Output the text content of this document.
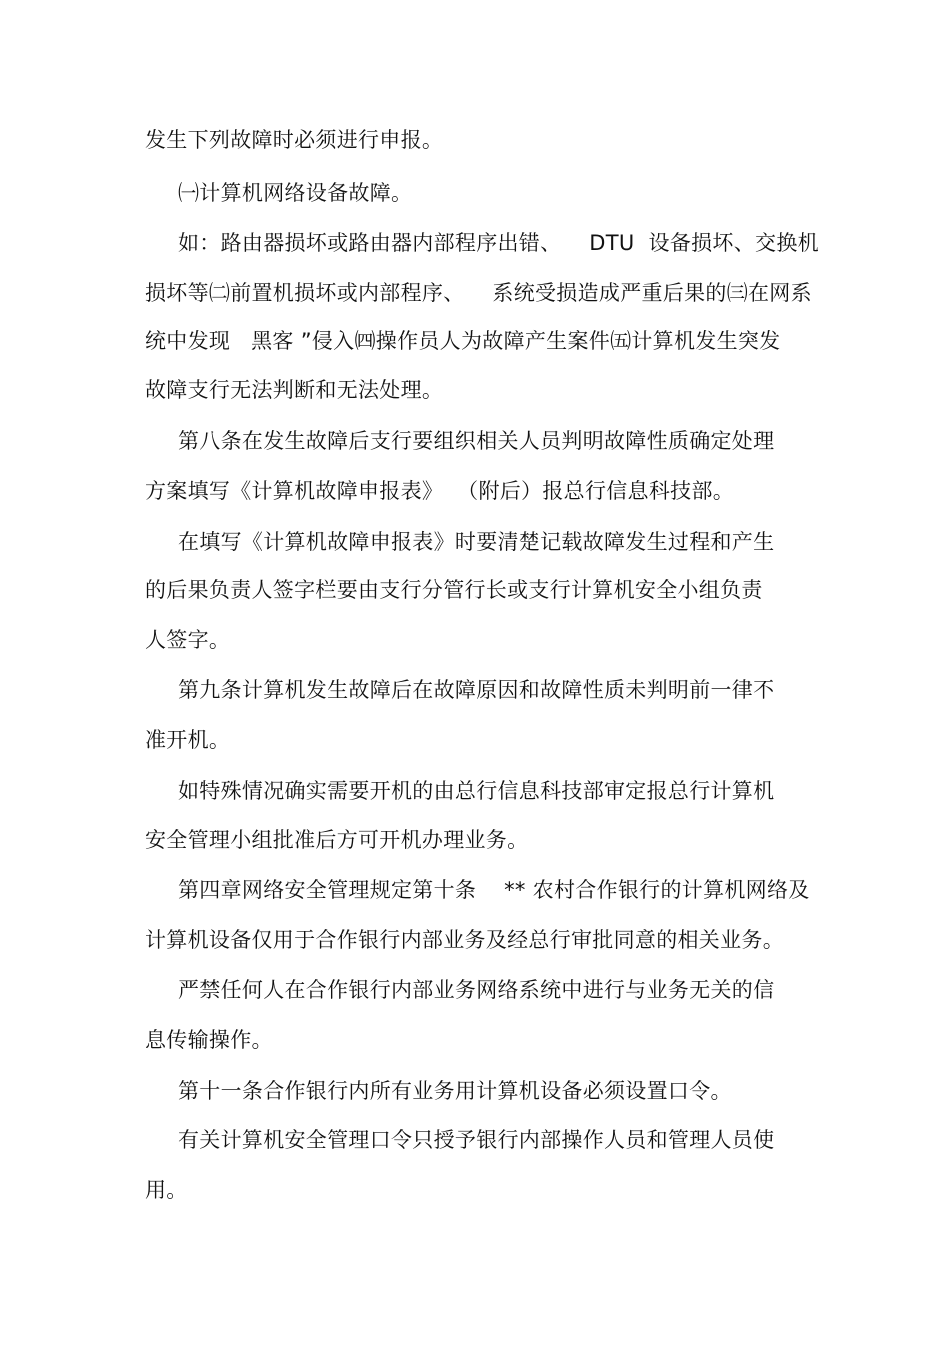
发生下列故障时必须进行申报。
㈠计算机网络设备故障。
如：路由器损坏或路由器内部程序出错、    DTU  设备损坏、交换机
损坏等㈡前置机损坏或内部程序、    系统受损造成严重后果的㈢在网系
统中发现   黑客 ”侵入㈣操作员人为故障产生案件㈤计算机发生突发
故障支行无法判断和无法处理。
第八条在发生故障后支行要组织相关人员判明故障性质确定处理
方案填写《计算机故障申报表》  （附后）报总行信息科技部。
在填写《计算机故障申报表》时要清楚记载故障发生过程和产生
的后果负责人签字栏要由支行分管行长或支行计算机安全小组负责
人签字。
第九条计算机发生故障后在故障原因和故障性质未判明前一律不
准开机。
如特殊情况确实需要开机的由总行信息科技部审定报总行计算机
安全管理小组批准后方可开机办理业务。
第四章网络安全管理规定第十条    ** 农村合作银行的计算机网络及
计算机设备仅用于合作银行内部业务及经总行审批同意的相关业务。
严禁任何人在合作银行内部业务网络系统中进行与业务无关的信
息传输操作。
第十一条合作银行内所有业务用计算机设备必须设置口令。
有关计算机安全管理口令只授予银行内部操作人员和管理人员使
用。
